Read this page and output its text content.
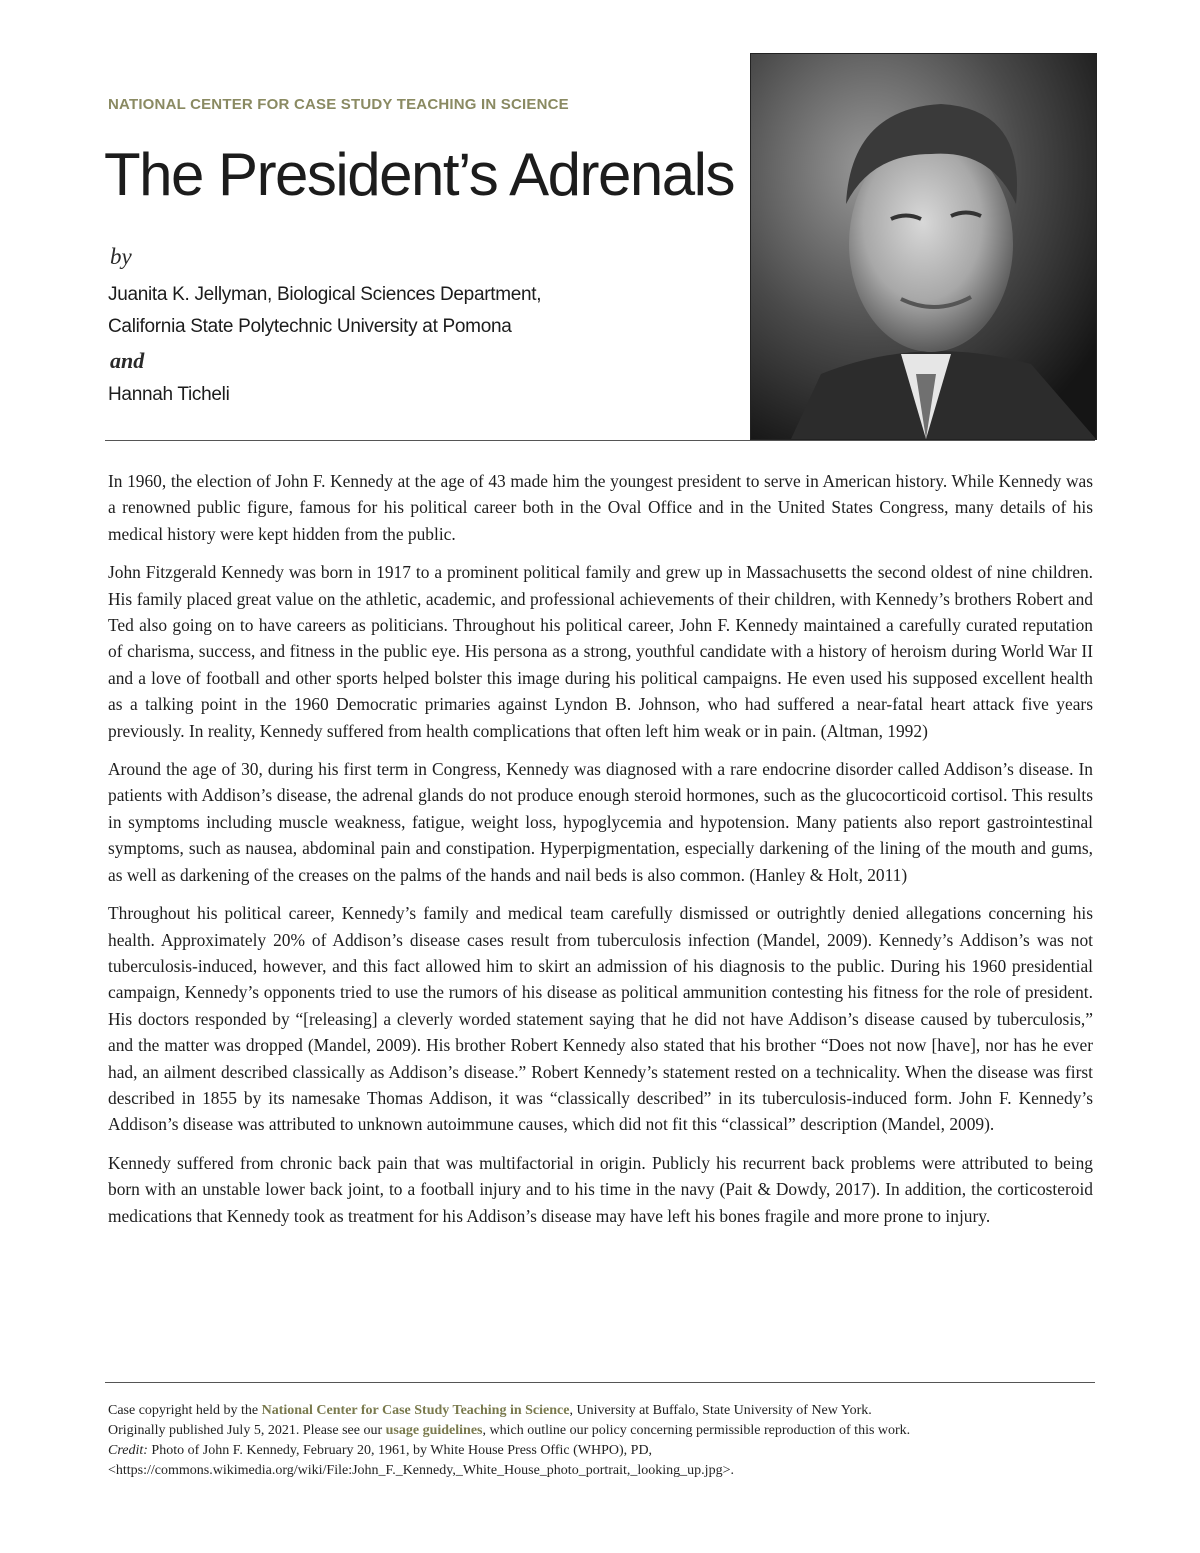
NATIONAL CENTER FOR CASE STUDY TEACHING IN SCIENCE
The President’s Adrenals
by
Juanita K. Jellyman, Biological Sciences Department,
California State Polytechnic University at Pomona
and
Hannah Ticheli

In 1960, the election of John F. Kennedy at the age of 43 made him the youngest president to serve in American history. While Kennedy was a renowned public figure, famous for his political career both in the Oval Office and in the United States Congress, many details of his medical history were kept hidden from the public.

John Fitzgerald Kennedy was born in 1917 to a prominent political family and grew up in Massachusetts the second oldest of nine children. His family placed great value on the athletic, academic, and professional achievements of their children, with Kennedy’s brothers Robert and Ted also going on to have careers as politicians. Throughout his political career, John F. Kennedy maintained a carefully curated reputation of charisma, success, and fitness in the public eye. His persona as a strong, youthful candidate with a history of heroism during World War II and a love of football and other sports helped bolster this image during his political campaigns. He even used his supposed excellent health as a talking point in the 1960 Democratic primaries against Lyndon B. Johnson, who had suffered a near-fatal heart attack five years previously. In reality, Kennedy suffered from health complications that often left him weak or in pain. (Altman, 1992)

Around the age of 30, during his first term in Congress, Kennedy was diagnosed with a rare endocrine disorder called Addison’s disease. In patients with Addison’s disease, the adrenal glands do not produce enough steroid hormones, such as the glucocorticoid cortisol. This results in symptoms including muscle weakness, fatigue, weight loss, hypoglycemia and hypotension. Many patients also report gastrointestinal symptoms, such as nausea, abdominal pain and constipation. Hyperpigmentation, especially darkening of the lining of the mouth and gums, as well as darkening of the creases on the palms of the hands and nail beds is also common. (Hanley & Holt, 2011)

Throughout his political career, Kennedy’s family and medical team carefully dismissed or outrightly denied allegations concerning his health. Approximately 20% of Addison’s disease cases result from tuberculosis infection (Mandel, 2009). Kennedy’s Addison’s was not tuberculosis-induced, however, and this fact allowed him to skirt an admission of his diagnosis to the public. During his 1960 presidential campaign, Kennedy’s opponents tried to use the rumors of his disease as political ammunition contesting his fitness for the role of president. His doctors responded by “[releasing] a cleverly worded statement saying that he did not have Addison’s disease caused by tuberculosis,” and the matter was dropped (Mandel, 2009). His brother Robert Kennedy also stated that his brother “Does not now [have], nor has he ever had, an ailment described classically as Addison’s disease.” Robert Kennedy’s statement rested on a technicality. When the disease was first described in 1855 by its namesake Thomas Addison, it was “classically described” in its tuberculosis-induced form. John F. Kennedy’s Addison’s disease was attributed to unknown autoimmune causes, which did not fit this “classical” description (Mandel, 2009).

Kennedy suffered from chronic back pain that was multifactorial in origin. Publicly his recurrent back problems were attributed to being born with an unstable lower back joint, to a football injury and to his time in the navy (Pait & Dowdy, 2017). In addition, the corticosteroid medications that Kennedy took as treatment for his Addison’s disease may have left his bones fragile and more prone to injury.

Case copyright held by the National Center for Case Study Teaching in Science, University at Buffalo, State University of New York.
Originally published July 5, 2021. Please see our usage guidelines, which outline our policy concerning permissible reproduction of this work.
Credit: Photo of John F. Kennedy, February 20, 1961, by White House Press Offic (WHPO), PD, <https://commons.wikimedia.org/wiki/File:John_F._Kennedy,_White_House_photo_portrait,_looking_up.jpg>.
